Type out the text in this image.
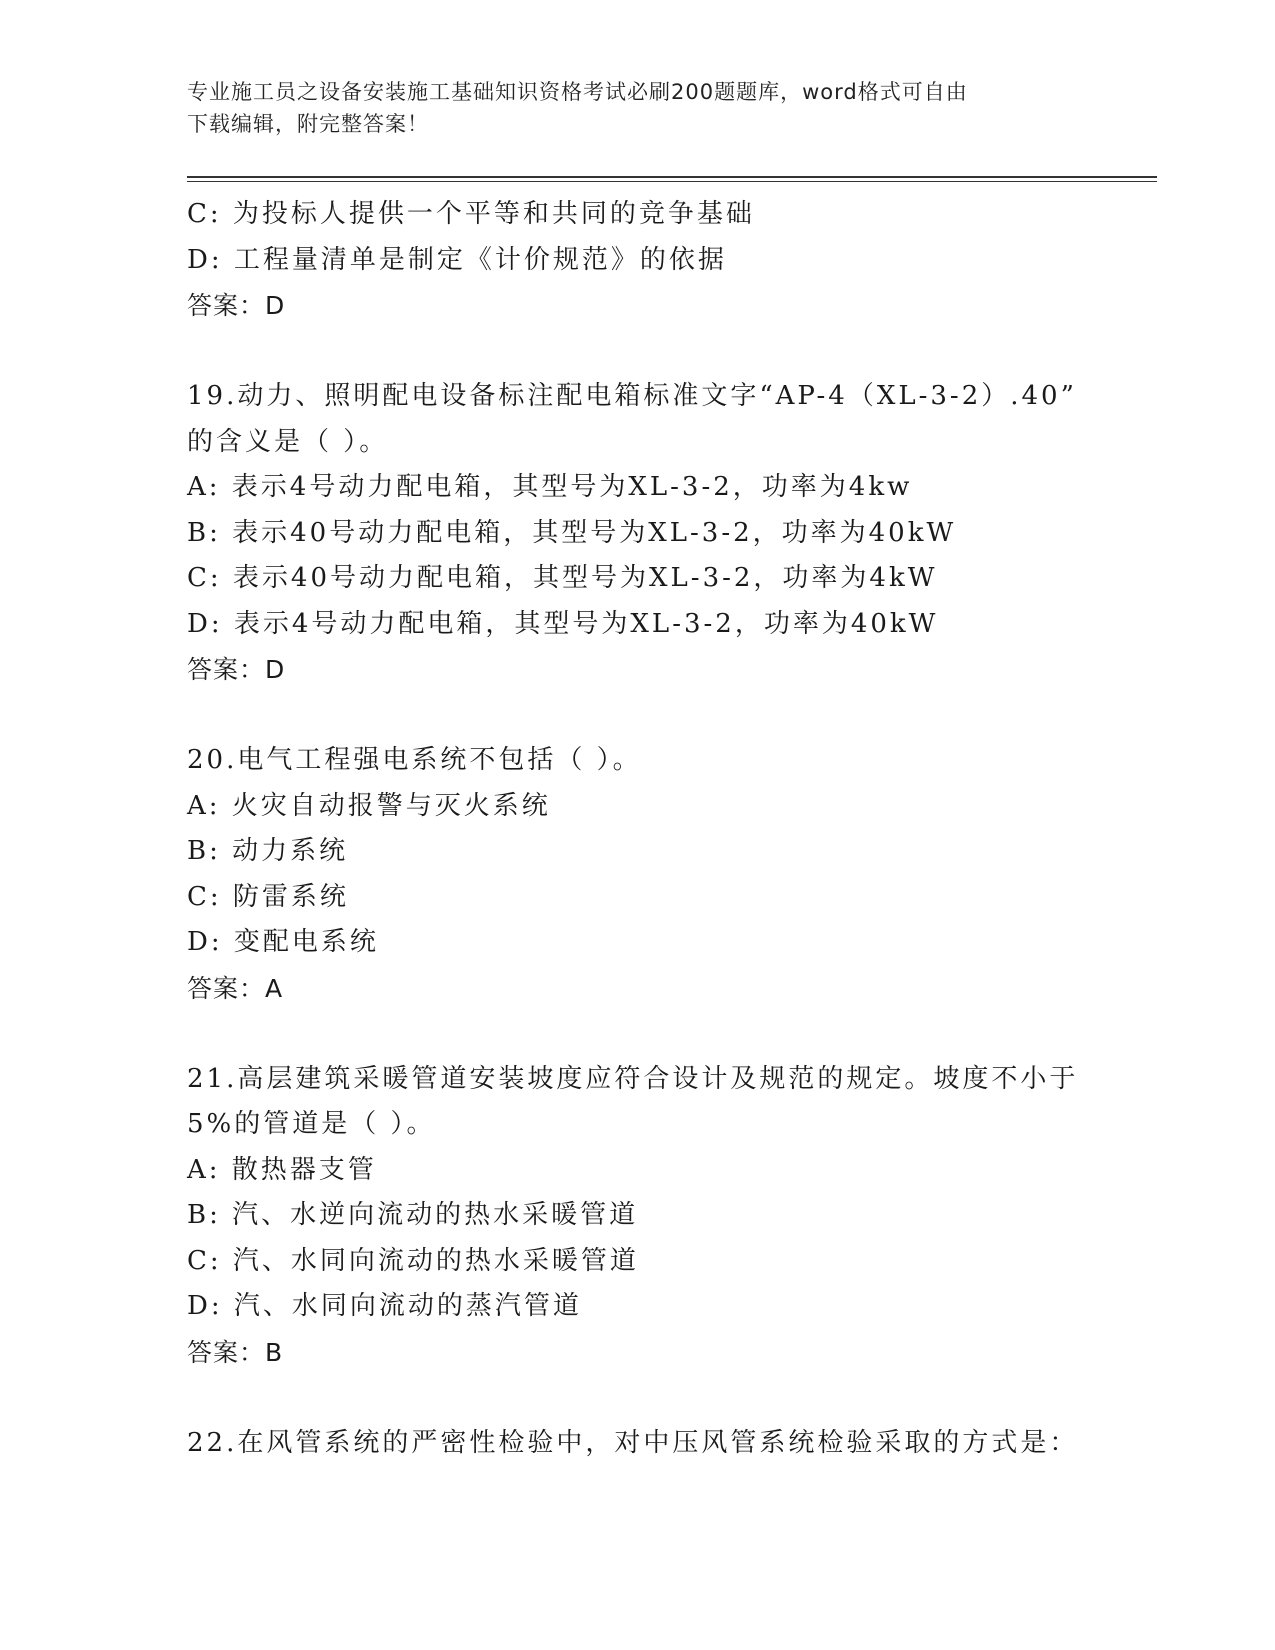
专业施工员之设备安装施工基础知识资格考试必刷200题题库，word格式可自由
下载编辑，附完整答案！
C: 为投标人提供一个平等和共同的竞争基础
D: 工程量清单是制定《计价规范》的依据
答案：D
19.动力、照明配电设备标注配电箱标准文字“AP-4（XL-3-2）.40”
的含义是（ ）。
A: 表示4号动力配电箱，其型号为XL-3-2，功率为4kw
B: 表示40号动力配电箱，其型号为XL-3-2，功率为40kW
C: 表示40号动力配电箱，其型号为XL-3-2，功率为4kW
D: 表示4号动力配电箱，其型号为XL-3-2，功率为40kW
答案：D
20.电气工程强电系统不包括（ ）。
A: 火灾自动报警与灭火系统
B: 动力系统
C: 防雷系统
D: 变配电系统
答案：A
21.高层建筑采暖管道安装坡度应符合设计及规范的规定。坡度不小于
5%的管道是（ ）。
A: 散热器支管
B: 汽、水逆向流动的热水采暖管道
C: 汽、水同向流动的热水采暖管道
D: 汽、水同向流动的蒸汽管道
答案：B
22.在风管系统的严密性检验中，对中压风管系统检验采取的方式是：
